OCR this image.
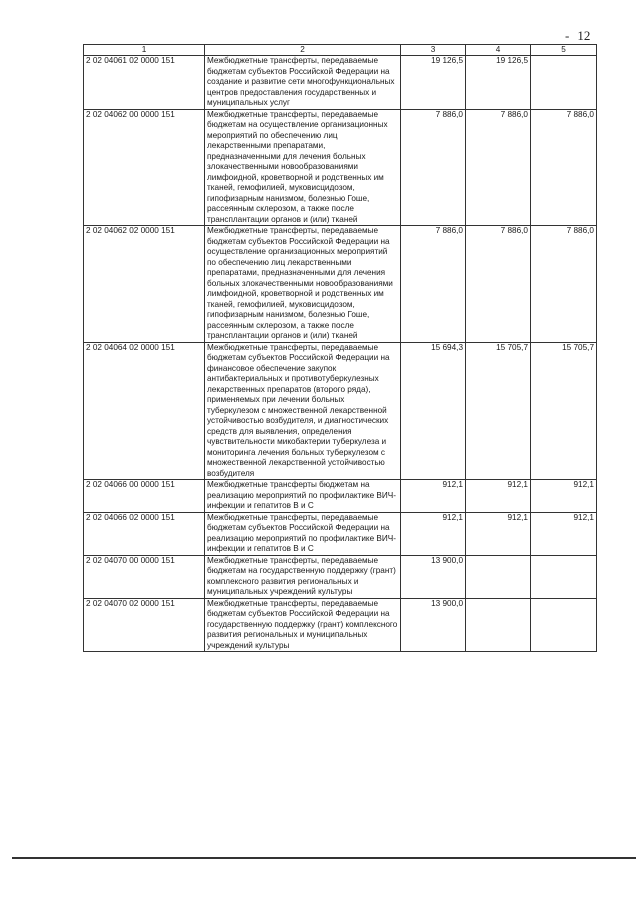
- 12
1	2	3	4	5
2 02 04061 02 0000 151	Межбюджетные трансферты, передаваемые бюджетам субъектов Российской Федерации на создание и развитие сети многофункциональных центров предоставления государственных и муниципальных услуг	19 126,5	19 126,5	
2 02 04062 00 0000 151	Межбюджетные трансферты, передаваемые бюджетам на осуществление организационных мероприятий по обеспечению лиц лекарственными препаратами, предназначенными для лечения больных злокачественными новообразованиями лимфоидной, кроветворной и родственных им тканей, гемофилией, муковисцидозом, гипофизарным нанизмом, болезнью Гоше, рассеянным склерозом, а также после трансплантации органов и (или) тканей	7 886,0	7 886,0	7 886,0
2 02 04062 02 0000 151	Межбюджетные трансферты, передаваемые бюджетам субъектов Российской Федерации на осуществление организационных мероприятий по обеспечению лиц лекарственными препаратами, предназначенными для лечения больных злокачественными новообразованиями лимфоидной, кроветворной и родственных им тканей, гемофилией, муковисцидозом, гипофизарным нанизмом, болезнью Гоше, рассеянным склерозом, а также после трансплантации органов и (или) тканей	7 886,0	7 886,0	7 886,0
2 02 04064 02 0000 151	Межбюджетные трансферты, передаваемые бюджетам субъектов Российской Федерации на финансовое обеспечение закупок антибактериальных и противотуберкулезных лекарственных препаратов (второго ряда), применяемых при лечении больных туберкулезом с множественной лекарственной устойчивостью возбудителя, и диагностических средств для выявления, определения чувствительности микобактерии туберкулеза и мониторинга лечения больных туберкулезом с множественной лекарственной устойчивостью возбудителя	15 694,3	15 705,7	15 705,7
2 02 04066 00 0000 151	Межбюджетные трансферты бюджетам на реализацию мероприятий по профилактике ВИЧ-инфекции и гепатитов В и С	912,1	912,1	912,1
2 02 04066 02 0000 151	Межбюджетные трансферты, передаваемые бюджетам субъектов Российской Федерации на реализацию мероприятий по профилактике ВИЧ-инфекции и гепатитов В и С	912,1	912,1	912,1
2 02 04070 00 0000 151	Межбюджетные трансферты, передаваемые бюджетам на государственную поддержку (грант) комплексного развития региональных и муниципальных учреждений культуры	13 900,0		
2 02 04070 02 0000 151	Межбюджетные трансферты, передаваемые бюджетам субъектов Российской Федерации на государственную поддержку (грант) комплексного развития региональных и муниципальных учреждений культуры	13 900,0		
